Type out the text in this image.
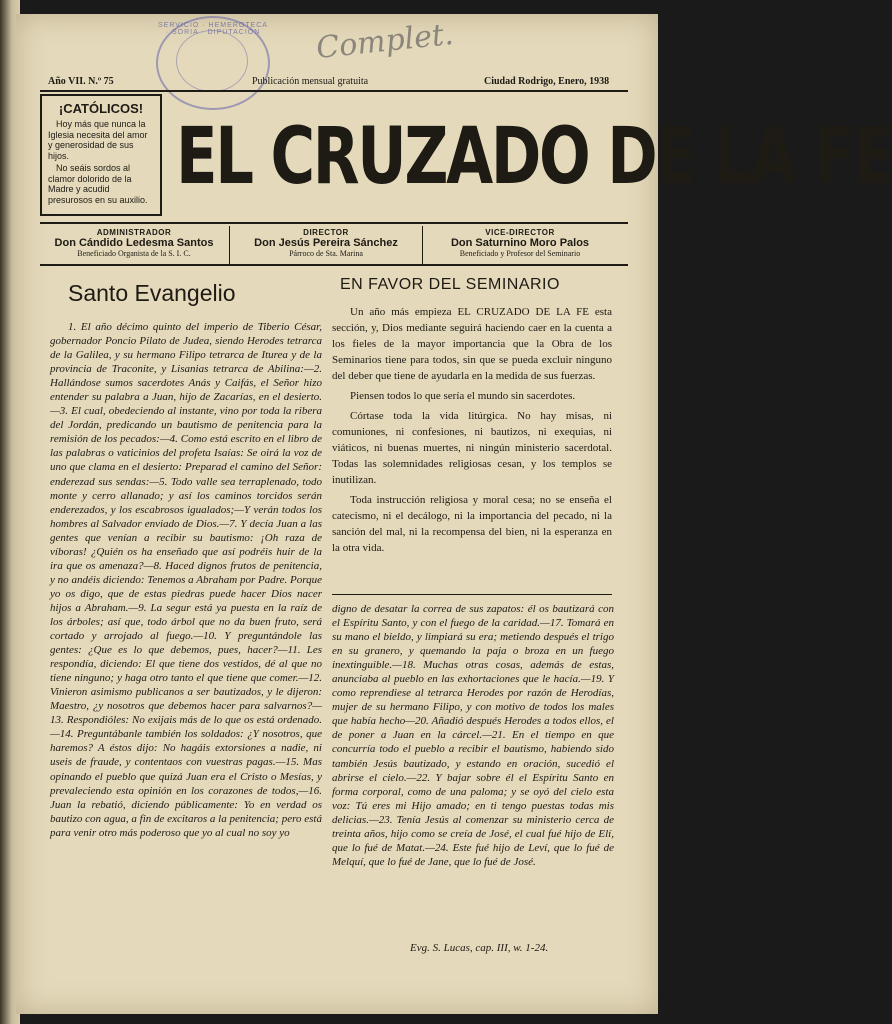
SERVICIO · HEMEROTECA · SORIA · DIPUTACIÓN Complet.
Año VII. N.º 75	Publicación mensual gratuita	Ciudad Rodrigo, Enero, 1938
¡CATÓLICOS!

Hoy más que nunca la Iglesia necesita del amor y generosidad de sus hijos.

No seáis sordos al clamor dolorido de la Madre y acudid presurosos en su auxilio. EL CRUZADO DE LA FE
ADMINISTRADOR
Don Cándido Ledesma Santos
Beneficiado Organista de la S. I. C.
DIRECTOR
Don Jesús Pereira Sánchez
Párroco de Sta. Marina
VICE-DIRECTOR
Don Saturnino Moro Palos
Beneficiado y Profesor del Seminario
Santo Evangelio

1. El año décimo quinto del imperio de Tiberio César, gobernador Poncio Pilato de Judea, siendo Herodes tetrarca de la Galilea, y su hermano Filipo tetrarca de Iturea y de la provincia de Traconite, y Lisanias tetrarca de Abilina:—2. Hallándose sumos sacerdotes Anás y Caifás, el Señor hizo entender su palabra a Juan, hijo de Zacarías, en el desierto.—3. El cual, obedeciendo al instante, vino por toda la ribera del Jordán, predicando un bautismo de penitencia para la remisión de los pecados:—4. Como está escrito en el libro de las palabras o vaticinios del profeta Isaías: Se oirá la voz de uno que clama en el desierto: Preparad el camino del Señor: enderezad sus sendas:—5. Todo valle sea terraplenado, todo monte y cerro allanado; y así los caminos torcidos serán enderezados, y los escabrosos igualados;—Y verán todos los hombres al Salvador enviado de Dios.—7. Y decía Juan a las gentes que venían a recibir su bautismo: ¡Oh raza de víboras! ¿Quién os ha enseñado que así podréis huir de la ira que os amenaza?—8. Haced dignos frutos de penitencia, y no andéis diciendo: Tenemos a Abraham por Padre. Porque yo os digo, que de estas piedras puede hacer Dios nacer hijos a Abraham.—9. La segur está ya puesta en la raíz de los árboles; así que, todo árbol que no da buen fruto, será cortado y arrojado al fuego.—10. Y preguntándole las gentes: ¿Que es lo que debemos, pues, hacer?—11. Les respondía, diciendo: El que tiene dos vestidos, dé al que no tiene ninguno; y haga otro tanto el que tiene que comer.—12. Vinieron asimismo publicanos a ser bautizados, y le dijeron: Maestro, ¿y nosotros que debemos hacer para salvarnos?—13. Respondióles: No exijais más de lo que os está ordenado.—14. Preguntábanle también los soldados: ¿Y nosotros, que haremos? A éstos dijo: No hagáis extorsiones a nadie, ni useis de fraude, y contentaos con vuestras pagas.—15. Mas opinando el pueblo que quizá Juan era el Cristo o Mesías, y prevaleciendo esta opinión en los corazones de todos,—16. Juan la rebatió, diciendo públicamente: Yo en verdad os bautizo con agua, a fin de excitaros a la penitencia; pero está para venir otro más poderoso que yo al cual no soy yo

EN FAVOR DEL SEMINARIO

Un año más empieza EL CRUZADO DE LA FE esta sección, y, Dios mediante seguirá haciendo caer en la cuenta a los fieles de la mayor importancia que la Obra de los Seminarios tiene para todos, sin que se pueda excluir ninguno del deber que tiene de ayudarla en la medida de sus fuerzas.

Piensen todos lo que sería el mundo sin sacerdotes.

Córtase toda la vida litúrgica. No hay misas, ni comuniones, ni confesiones, ni bautizos, ni exequias, ni viáticos, ni buenas muertes, ni ningún ministerio sacerdotal. Todas las solemnidades religiosas cesan, y los templos se inutilizan.

Toda instrucción religiosa y moral cesa; no se enseña el catecismo, ni el decálogo, ni la importancia del pecado, ni la sanción del mal, ni la recompensa del bien, ni la esperanza en la otra vida.

digno de desatar la correa de sus zapatos: él os bautizará con el Espíritu Santo, y con el fuego de la caridad.—17. Tomará en su mano el bieldo, y limpiará su era; metiendo después el trigo en su granero, y quemando la paja o broza en un fuego inextinguible.—18. Muchas otras cosas, además de estas, anunciaba al pueblo en las exhortaciones que le hacía.—19. Y como reprendiese al tetrarca Herodes por razón de Herodías, mujer de su hermano Filipo, y con motivo de todos los males que había hecho—20. Añadió después Herodes a todos ellos, el de poner a Juan en la cárcel.—21. En el tiempo en que concurría todo el pueblo a recibir el bautismo, habiendo sido también Jesús bautizado, y estando en oración, sucedió el abrirse el cielo.—22. Y bajar sobre él el Espíritu Santo en forma corporal, como de una paloma; y se oyó del cielo esta voz: Tú eres mi Hijo amado; en ti tengo puestas todas mis delicias.—23. Tenía Jesús al comenzar su ministerio cerca de treinta años, hijo como se creía de José, el cual fué hijo de Elí, que lo fué de Matat.—24. Este fué hijo de Leví, que lo fué de Melquí, que lo fué de Jane, que lo fué de José.

Evg. S. Lucas, cap. III, w. 1-24.
